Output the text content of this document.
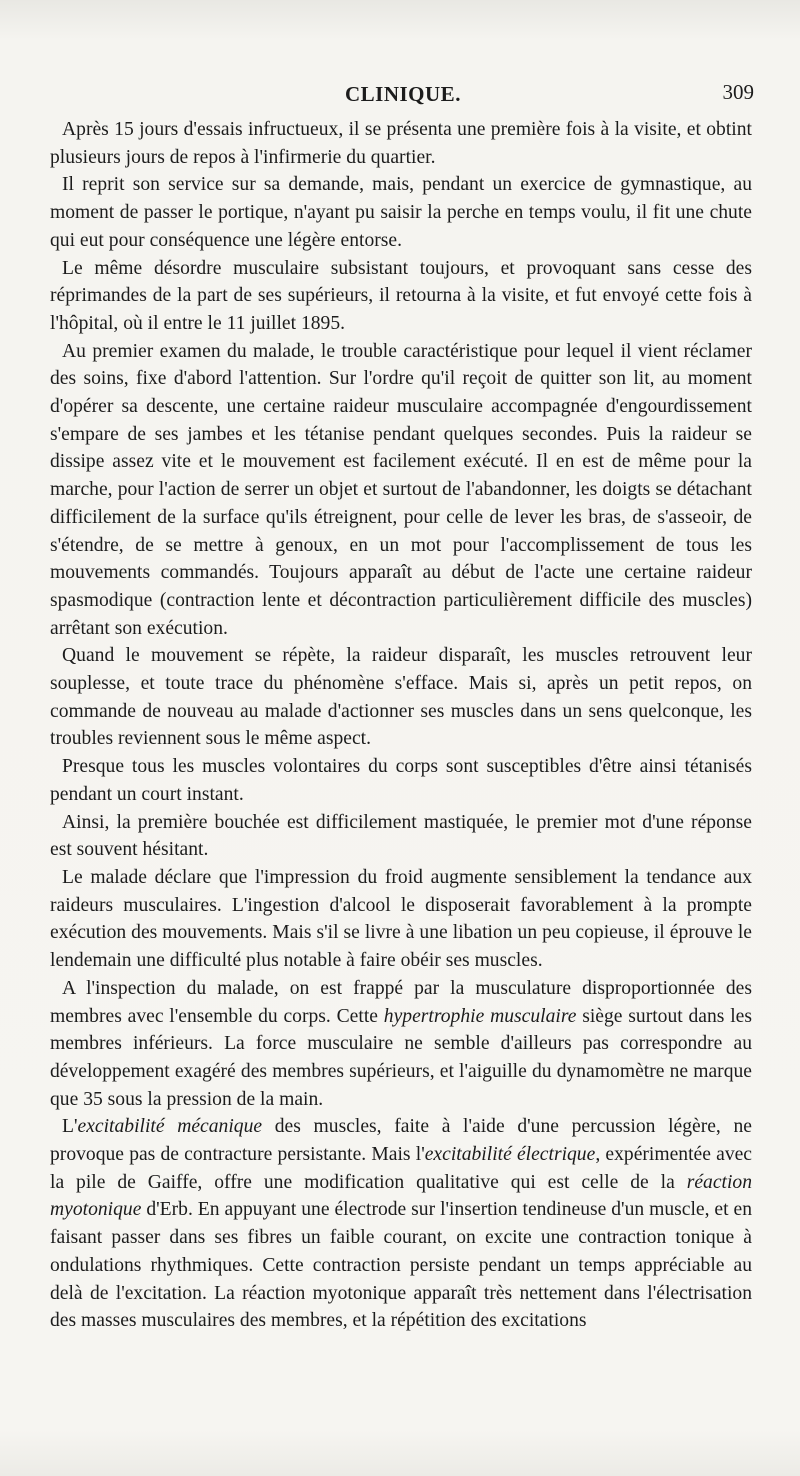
CLINIQUE.	309

Après 15 jours d'essais infructueux, il se présenta une première fois à la visite, et obtint plusieurs jours de repos à l'infirmerie du quartier.

Il reprit son service sur sa demande, mais, pendant un exercice de gymnastique, au moment de passer le portique, n'ayant pu saisir la perche en temps voulu, il fit une chute qui eut pour conséquence une légère entorse.

Le même désordre musculaire subsistant toujours, et provoquant sans cesse des réprimandes de la part de ses supérieurs, il retourna à la visite, et fut envoyé cette fois à l'hôpital, où il entre le 11 juillet 1895.

Au premier examen du malade, le trouble caractéristique pour lequel il vient réclamer des soins, fixe d'abord l'attention. Sur l'ordre qu'il reçoit de quitter son lit, au moment d'opérer sa descente, une certaine raideur musculaire accompagnée d'engourdissement s'empare de ses jambes et les tétanise pendant quelques secondes. Puis la raideur se dissipe assez vite et le mouvement est facilement exécuté. Il en est de même pour la marche, pour l'action de serrer un objet et surtout de l'abandonner, les doigts se détachant difficilement de la surface qu'ils étreignent, pour celle de lever les bras, de s'asseoir, de s'étendre, de se mettre à genoux, en un mot pour l'accomplissement de tous les mouvements commandés. Toujours apparaît au début de l'acte une certaine raideur spasmodique (contraction lente et décontraction particulièrement difficile des muscles) arrêtant son exécution.

Quand le mouvement se répète, la raideur disparaît, les muscles retrouvent leur souplesse, et toute trace du phénomène s'efface. Mais si, après un petit repos, on commande de nouveau au malade d'actionner ses muscles dans un sens quelconque, les troubles reviennent sous le même aspect.

Presque tous les muscles volontaires du corps sont susceptibles d'être ainsi tétanisés pendant un court instant.

Ainsi, la première bouchée est difficilement mastiquée, le premier mot d'une réponse est souvent hésitant.

Le malade déclare que l'impression du froid augmente sensiblement la tendance aux raideurs musculaires. L'ingestion d'alcool le disposerait favorablement à la prompte exécution des mouvements. Mais s'il se livre à une libation un peu copieuse, il éprouve le lendemain une difficulté plus notable à faire obéir ses muscles.

A l'inspection du malade, on est frappé par la musculature disproportionnée des membres avec l'ensemble du corps. Cette hypertrophie musculaire siège surtout dans les membres inférieurs. La force musculaire ne semble d'ailleurs pas correspondre au développement exagéré des membres supérieurs, et l'aiguille du dynamomètre ne marque que 35 sous la pression de la main.

L'excitabilité mécanique des muscles, faite à l'aide d'une percussion légère, ne provoque pas de contracture persistante. Mais l'excitabilité électrique, expérimentée avec la pile de Gaiffe, offre une modification qualitative qui est celle de la réaction myotonique d'Erb. En appuyant une électrode sur l'insertion tendineuse d'un muscle, et en faisant passer dans ses fibres un faible courant, on excite une contraction tonique à ondulations rhythmiques. Cette contraction persiste pendant un temps appréciable au delà de l'excitation. La réaction myotonique apparaît très nettement dans l'électrisation des masses musculaires des membres, et la répétition des excitations
